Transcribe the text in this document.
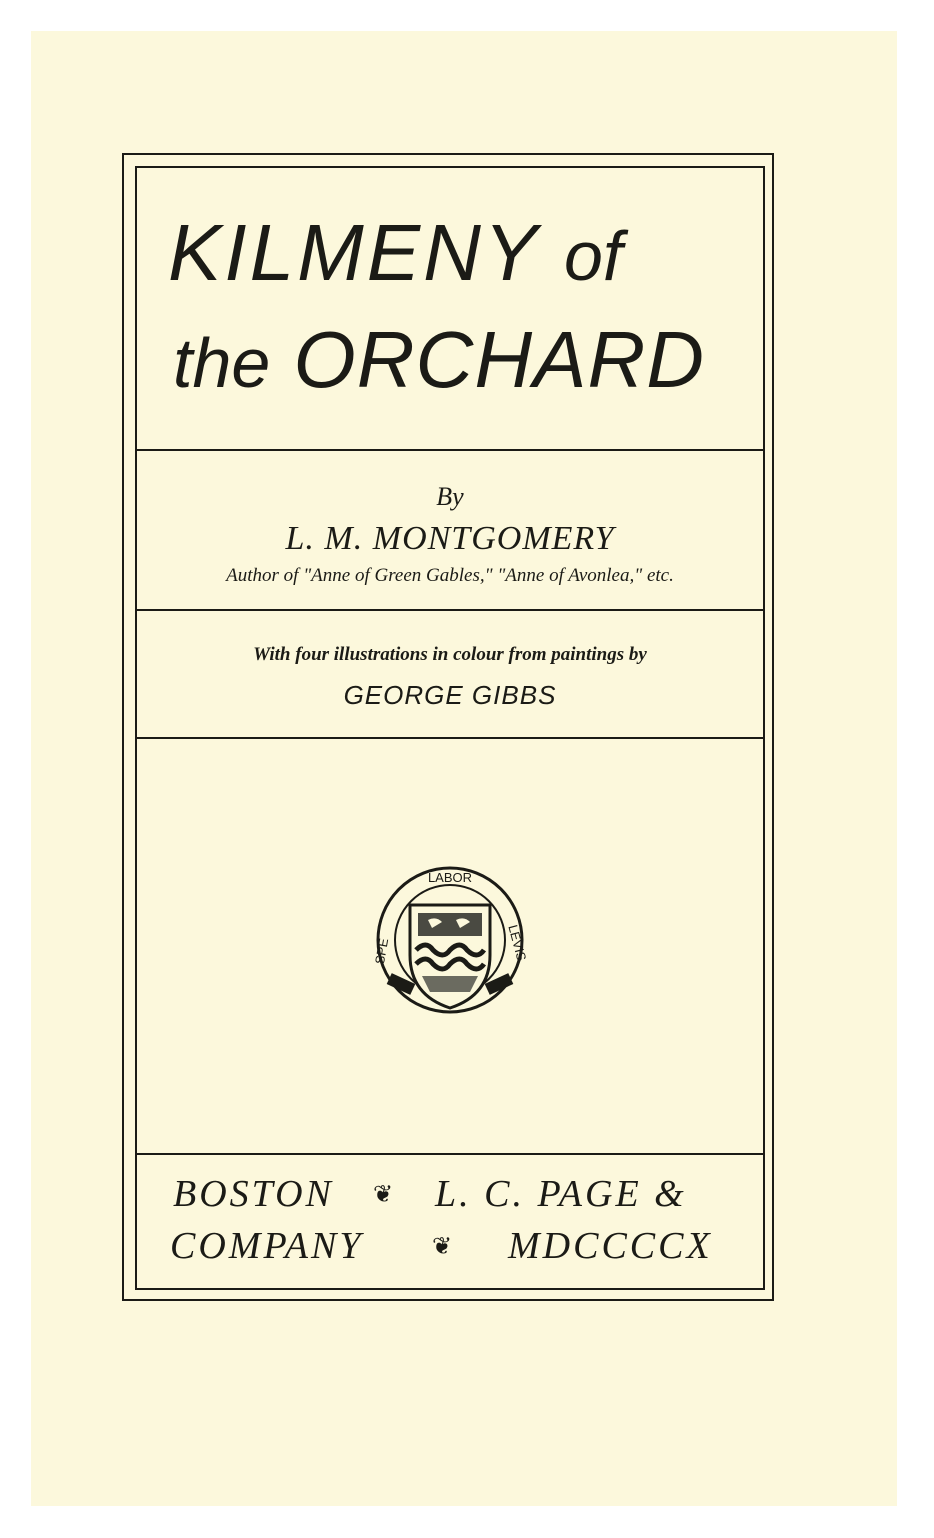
KILMENY of
the ORCHARD
By
L. M. MONTGOMERY
Author of "Anne of Green Gables," "Anne of Avonlea," etc.
With four illustrations in colour from paintings by
GEORGE GIBBS
LABOR
SPE	LEVIS
BOSTON ❦ L. C. PAGE &
COMPANY	❦ MDCCCCX
